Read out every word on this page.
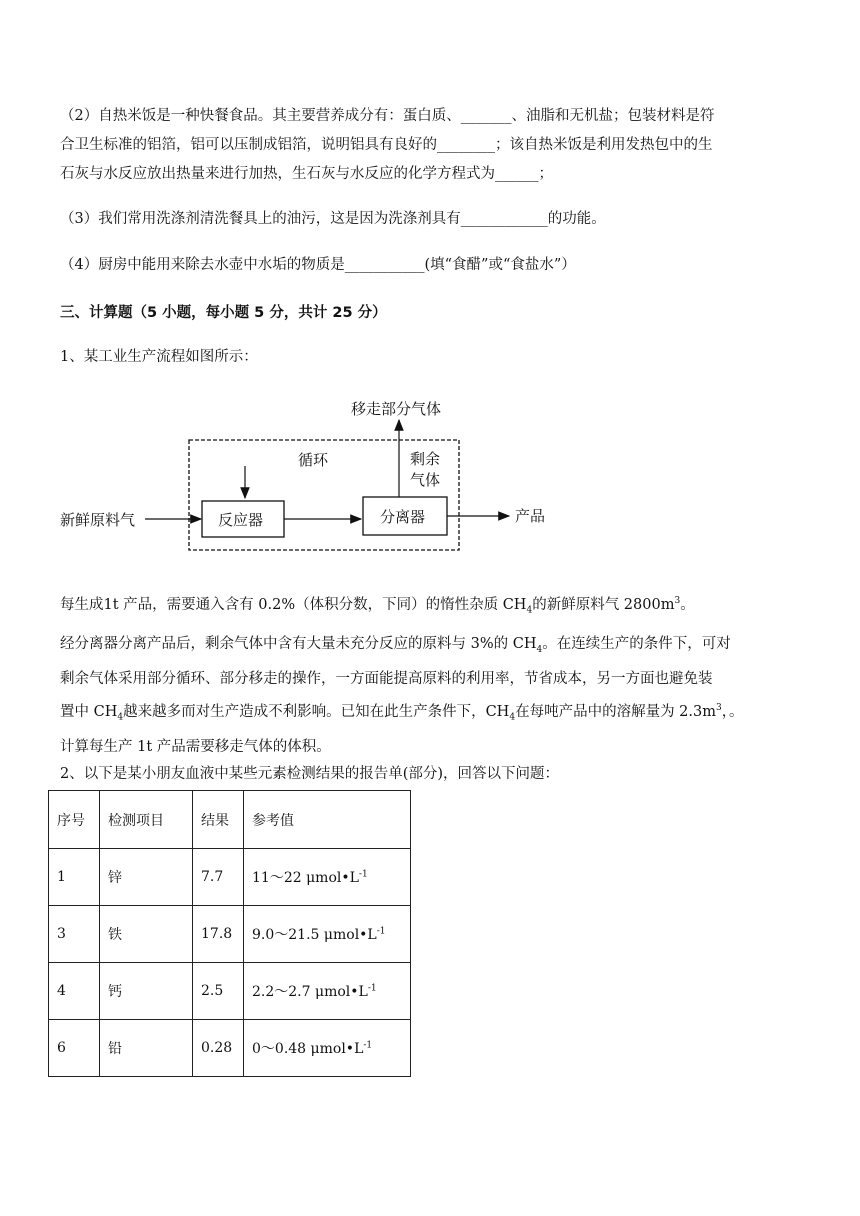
（2）自热米饭是一种快餐食品。其主要营养成分有：蛋白质、_______、油脂和无机盐；包装材料是符
合卫生标准的铝箔，铝可以压制成铝箔，说明铝具有良好的________；该自热米饭是利用发热包中的生
石灰与水反应放出热量来进行加热，生石灰与水反应的化学方程式为______；
（3）我们常用洗涤剂清洗餐具上的油污，这是因为洗涤剂具有____________的功能。
（4）厨房中能用来除去水壶中水垢的物质是___________(填“食醋”或“食盐水”）
三、计算题（5 小题，每小题 5 分，共计 25 分）
1、某工业生产流程如图所示：
移走部分气体
循环	剩余
气体
新鲜原料气	反应器	分离器	产品
每生成1t 产品，需要通入含有 0.2%（体积分数，下同）的惰性杂质 $CH_4$的新鲜原料气 $2800m^3$。
经分离器分离产品后，剩余气体中含有大量未充分反应的原料与 3%的 $CH_4$。在连续生产的条件下，可对
剩余气体采用部分循环、部分移走的操作，一方面能提高原料的利用率，节省成本，另一方面也避免装
置中 $CH_4$越来越多而对生产造成不利影响。已知在此生产条件下，$CH_4$在每吨产品中的溶解量为 $2.3m^3$，。
计算每生产 1t 产品需要移走气体的体积。
2、以下是某小朋友血液中某些元素检测结果的报告单(部分)，回答以下问题：
序号	检测项目	结果	参考值
1	锌	7.7	11～22 $\mu mol•L^{-1}$
3	铁	17.8	9.0～21.5 $\mu mol•L^{-1}$
4	钙	2.5	2.2～2.7 $\mu mol•L^{-1}$
6	铅	0.28	0～0.48 $\mu mol•L^{-1}$
